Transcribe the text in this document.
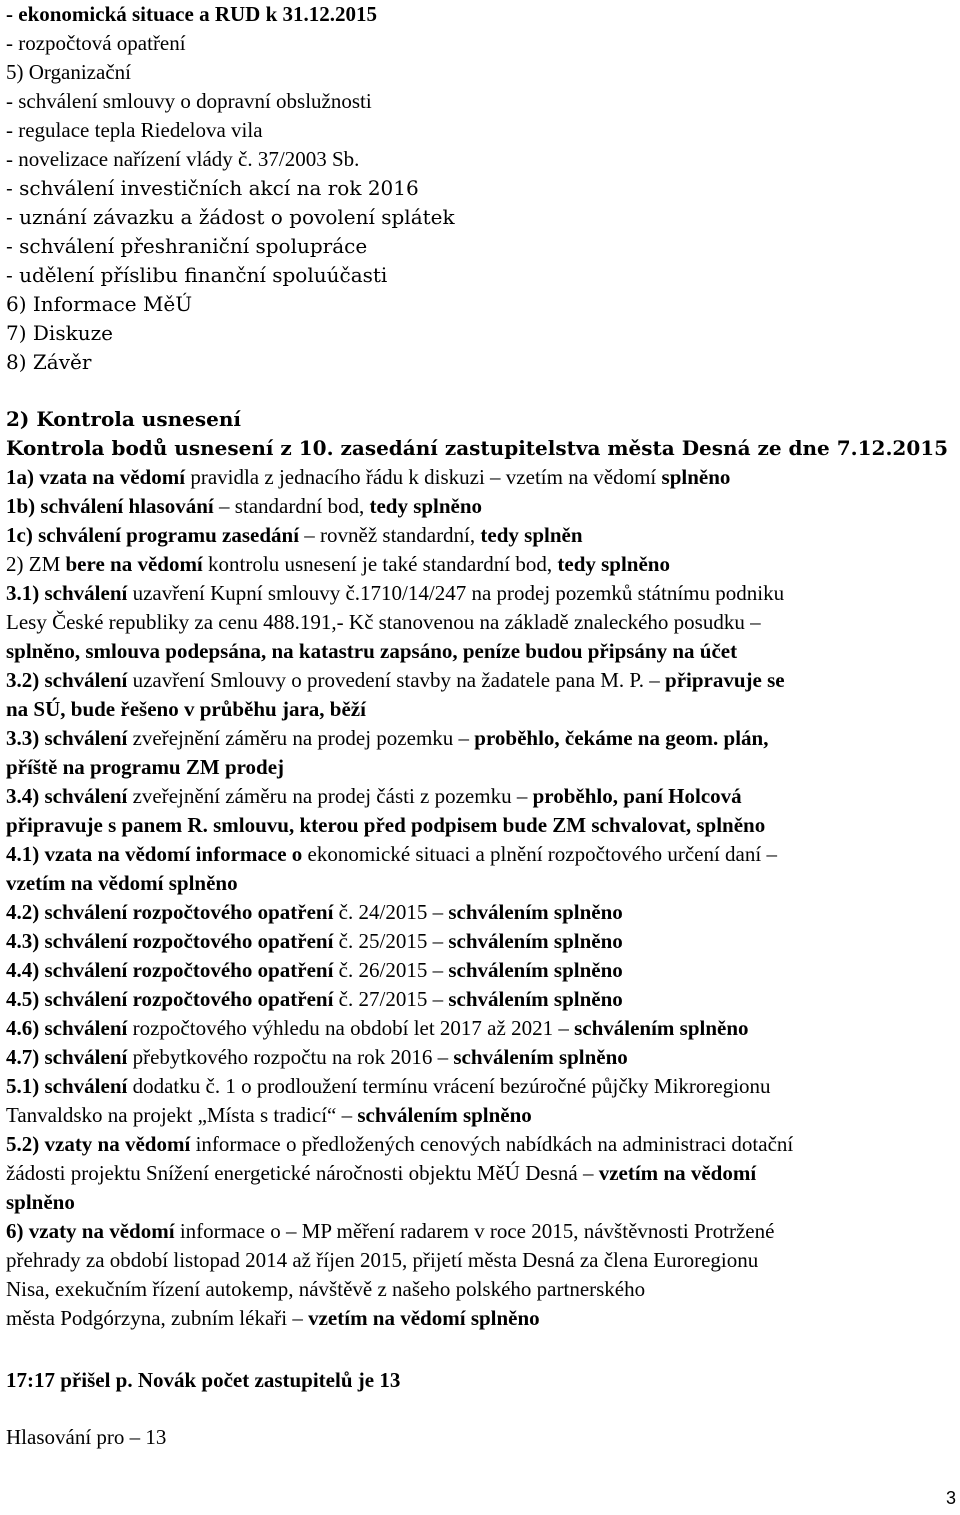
- ekonomická situace a RUD k 31.12.2015
- rozpočtová opatření
5) Organizační
- schválení smlouvy o dopravní obslužnosti
- regulace tepla Riedelova vila
- novelizace nařízení vlády č. 37/2003 Sb.
- schválení investičních akcí na rok 2016
- uznání závazku a žádost o povolení splátek
- schválení přeshraniční spolupráce
- udělení příslibu finanční spoluúčasti
6) Informace MěÚ
7) Diskuze
8) Závěr
2) Kontrola usnesení
Kontrola bodů usnesení z 10. zasedání zastupitelstva města Desná ze dne 7.12.2015
1a) vzata na vědomí pravidla z jednacího řádu k diskuzi – vzetím na vědomí splněno
1b) schválení hlasování – standardní bod, tedy splněno
1c) schválení programu zasedání – rovněž standardní, tedy splněn
2) ZM bere na vědomí kontrolu usnesení je také standardní bod, tedy splněno
3.1) schválení uzavření Kupní smlouvy č.1710/14/247 na prodej pozemků státnímu podniku
Lesy České republiky za cenu 488.191,- Kč stanovenou na základě znaleckého posudku –
splněno, smlouva podepsána, na katastru zapsáno, peníze budou připsány na účet
3.2) schválení uzavření Smlouvy o provedení stavby na žadatele pana M. P. – připravuje se
na SÚ, bude řešeno v průběhu jara, běží
3.3) schválení zveřejnění záměru na prodej pozemku – proběhlo, čekáme na geom. plán,
příště na programu ZM prodej
3.4) schválení zveřejnění záměru na prodej části z pozemku – proběhlo, paní Holcová
připravuje s panem R. smlouvu, kterou před podpisem bude ZM schvalovat, splněno
4.1) vzata na vědomí informace o ekonomické situaci a plnění rozpočtového určení daní –
vzetím na vědomí splněno
4.2) schválení rozpočtového opatření č. 24/2015 – schválením splněno
4.3) schválení rozpočtového opatření č. 25/2015 – schválením splněno
4.4) schválení rozpočtového opatření č. 26/2015 – schválením splněno
4.5) schválení rozpočtového opatření č. 27/2015 – schválením splněno
4.6) schválení rozpočtového výhledu na období let 2017 až 2021 – schválením splněno
4.7) schválení přebytkového rozpočtu na rok 2016 – schválením splněno
5.1) schválení dodatku č. 1 o prodloužení termínu vrácení bezúročné půjčky Mikroregionu
Tanvaldsko na projekt „Místa s tradicí“ – schválením splněno
5.2) vzaty na vědomí informace o předložených cenových nabídkách na administraci dotační
žádosti projektu Snížení energetické náročnosti objektu MěÚ Desná – vzetím na vědomí
splněno
6) vzaty na vědomí informace o – MP měření radarem v roce 2015, návštěvnosti Protržené
přehrady za období listopad 2014 až říjen 2015, přijetí města Desná za člena Euroregionu
Nisa, exekučním řízení autokemp, návštěvě z našeho polského partnerského
města Podgórzyna, zubním lékaři – vzetím na vědomí splněno
17:17 přišel p. Novák počet zastupitelů je 13
Hlasování pro – 13
3
